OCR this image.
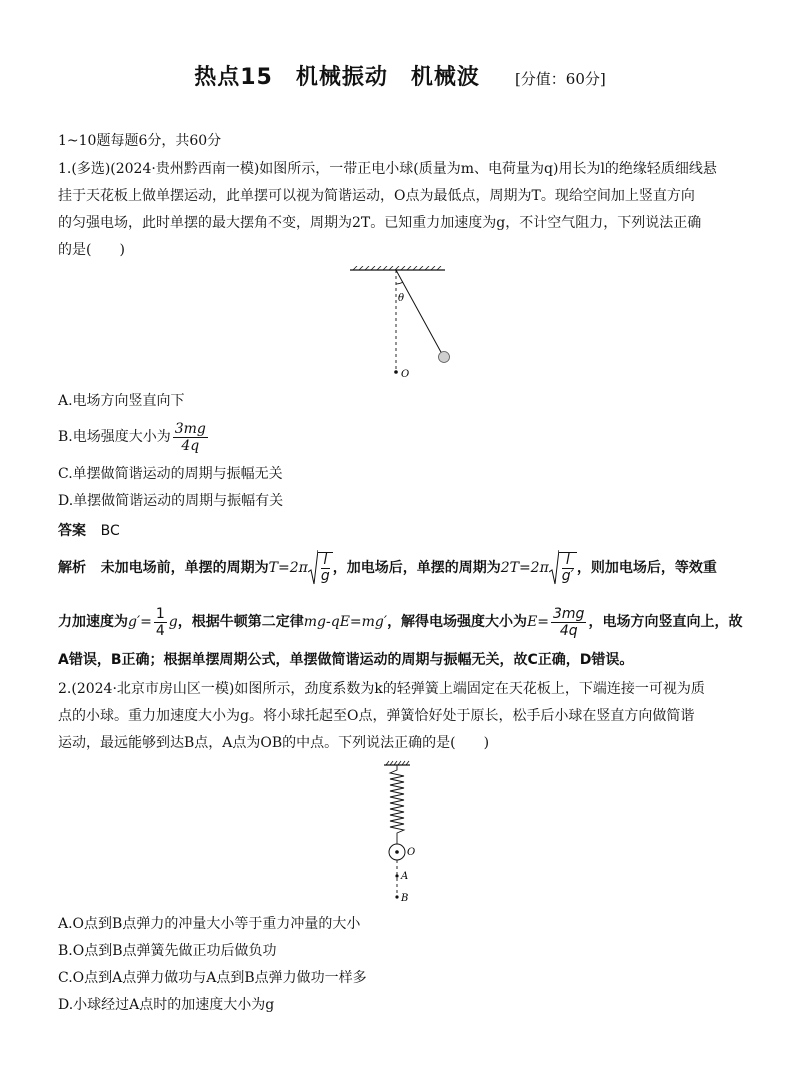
热点15　机械振动　机械波 [分值：60分]
1~10题每题6分，共60分
1.(多选)(2024·贵州黔西南一模)如图所示，一带正电小球(质量为m、电荷量为q)用长为l的绝缘轻质细线悬
挂于天花板上做单摆运动，此单摆可以视为简谐运动，O点为最低点，周期为T。现给空间加上竖直方向
的匀强电场，此时单摆的最大摆角不变，周期为2T。已知重力加速度为g，不计空气阻力，下列说法正确
的是(　　)
θ
O
A.电场方向竖直向下
B.电场强度大小为 $\frac{3mg}{4q}$
C.单摆做简谐运动的周期与振幅无关
D.单摆做简谐运动的周期与振幅有关
答案 BC
解析 未加电场前，单摆的周期为$T=2\pi \frac{l}{g}$ ，加电场后，单摆的周期为$2T=2\pi \frac{l}{g'}$ ，则加电场后，等效重
力加速度为$g'= \frac{1}{4}$ g，根据牛顿第二定律mg-qE=mg′，解得电场强度大小为$E= \frac{3mg}{4q}$ ，电场方向竖直向上，故
A错误，B正确；根据单摆周期公式，单摆做简谐运动的周期与振幅无关，故C正确，D错误。
2.(2024·北京市房山区一模)如图所示，劲度系数为k的轻弹簧上端固定在天花板上，下端连接一可视为质
点的小球。重力加速度大小为g。将小球托起至O点，弹簧恰好处于原长，松手后小球在竖直方向做简谐
运动，最远能够到达B点，A点为OB的中点。下列说法正确的是(　　)
O
A
B
A.O点到B点弹力的冲量大小等于重力冲量的大小
B.O点到B点弹簧先做正功后做负功
C.O点到A点弹力做功与A点到B点弹力做功一样多
D.小球经过A点时的加速度大小为g
